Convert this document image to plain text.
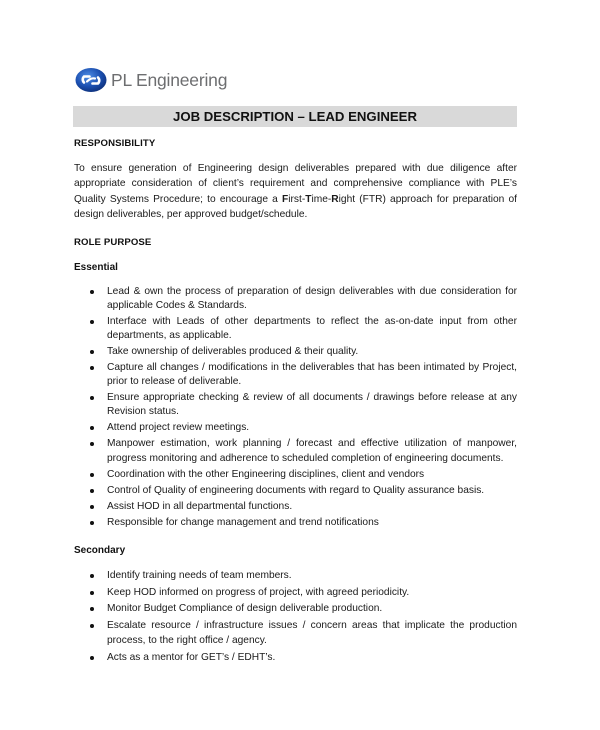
PL Engineering
JOB DESCRIPTION – LEAD ENGINEER
RESPONSIBILITY

To ensure generation of Engineering design deliverables prepared with due diligence after appropriate consideration of client’s requirement and comprehensive compliance with PLE’s Quality Systems Procedure; to encourage a First-Time-Right (FTR) approach for preparation of design deliverables, per approved budget/schedule.

ROLE PURPOSE
Essential
Lead & own the process of preparation of design deliverables with due consideration for applicable Codes & Standards.
Interface with Leads of other departments to reflect the as-on-date input from other departments, as applicable.
Take ownership of deliverables produced & their quality.
Capture all changes / modifications in the deliverables that has been intimated by Project, prior to release of deliverable.
Ensure appropriate checking & review of all documents / drawings before release at any Revision status.
Attend project review meetings.
Manpower estimation, work planning / forecast and effective utilization of manpower, progress monitoring and adherence to scheduled completion of engineering documents.
Coordination with the other Engineering disciplines, client and vendors
Control of Quality of engineering documents with regard to Quality assurance basis.
Assist HOD in all departmental functions.
Responsible for change management and trend notifications
Secondary
Identify training needs of team members.
Keep HOD informed on progress of project, with agreed periodicity.
Monitor Budget Compliance of design deliverable production.
Escalate resource / infrastructure issues / concern areas that implicate the production process, to the right office / agency.
Acts as a mentor for GET’s / EDHT’s.
